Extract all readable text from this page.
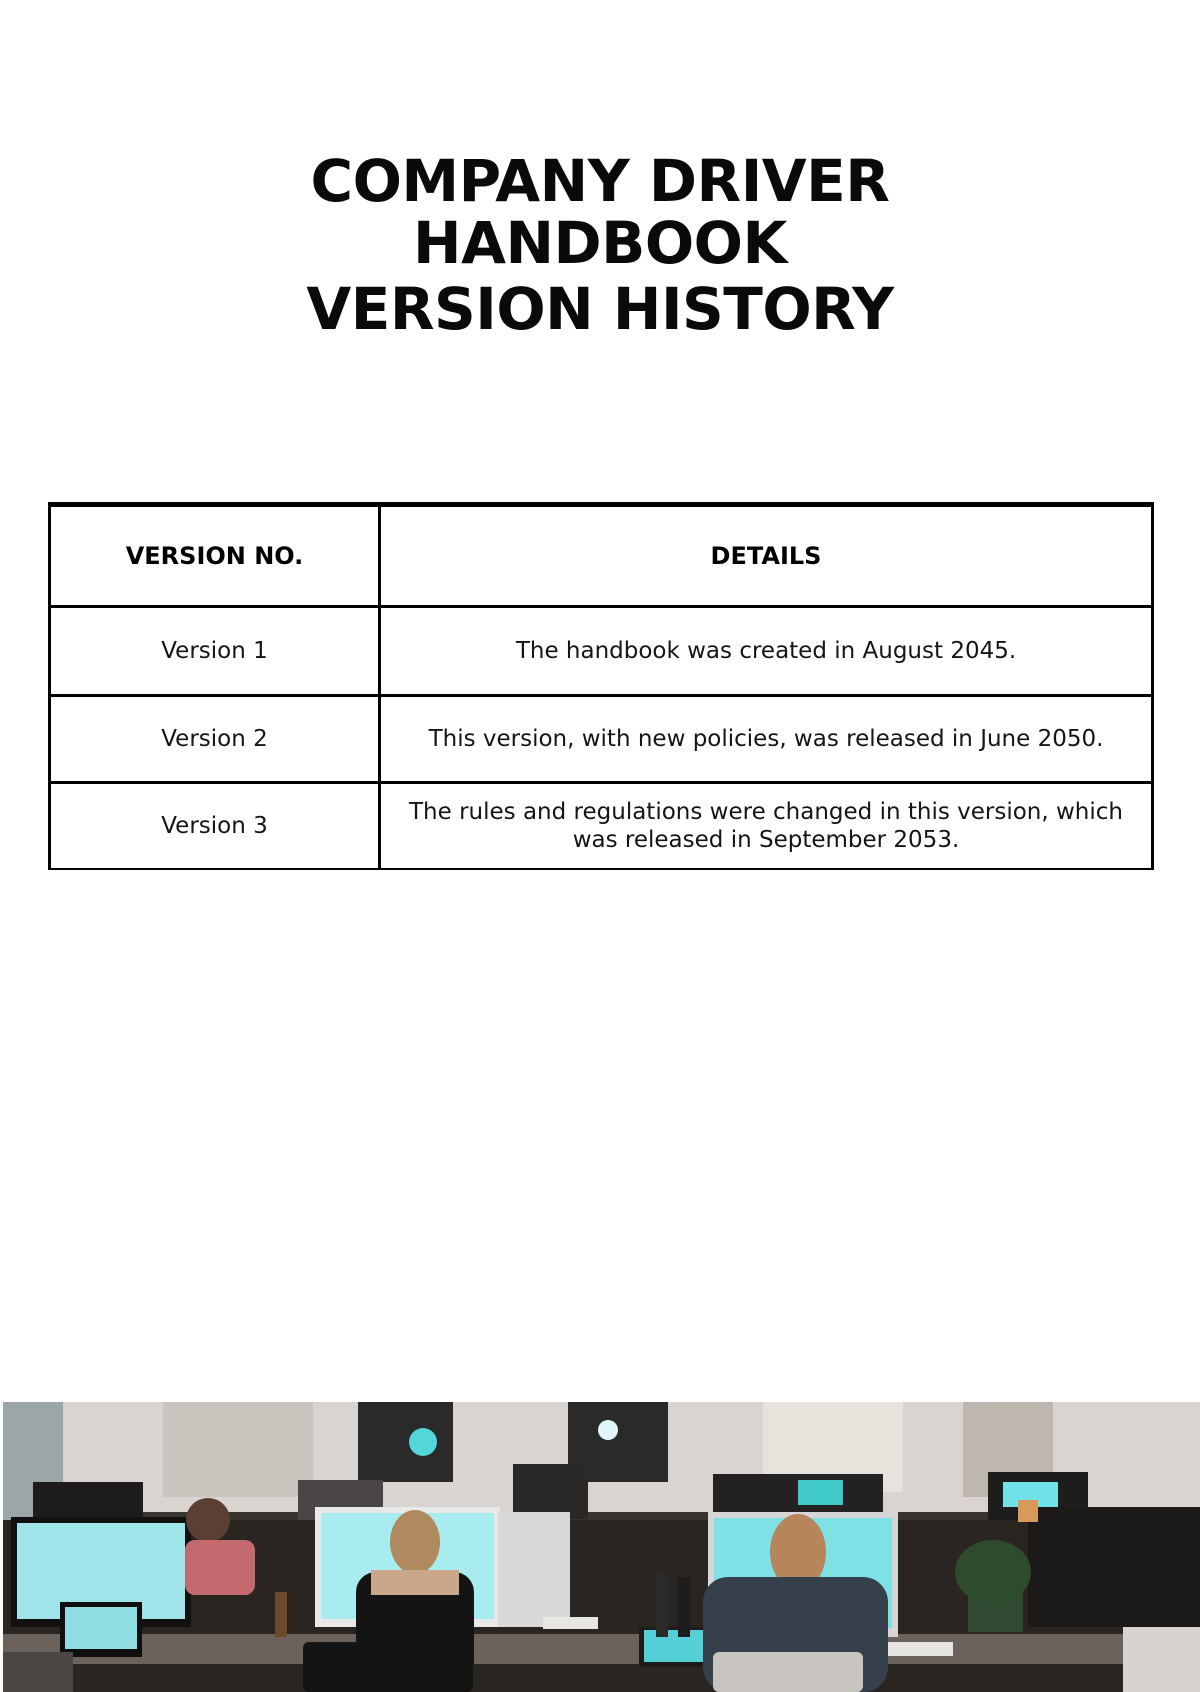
COMPANY DRIVER
HANDBOOK
VERSION HISTORY
VERSION NO.	DETAILS
Version 1	The handbook was created in August 2045.
Version 2	This version, with new policies, was released in June 2050.
Version 3	The rules and regulations were changed in this version, which was released in September 2053.
